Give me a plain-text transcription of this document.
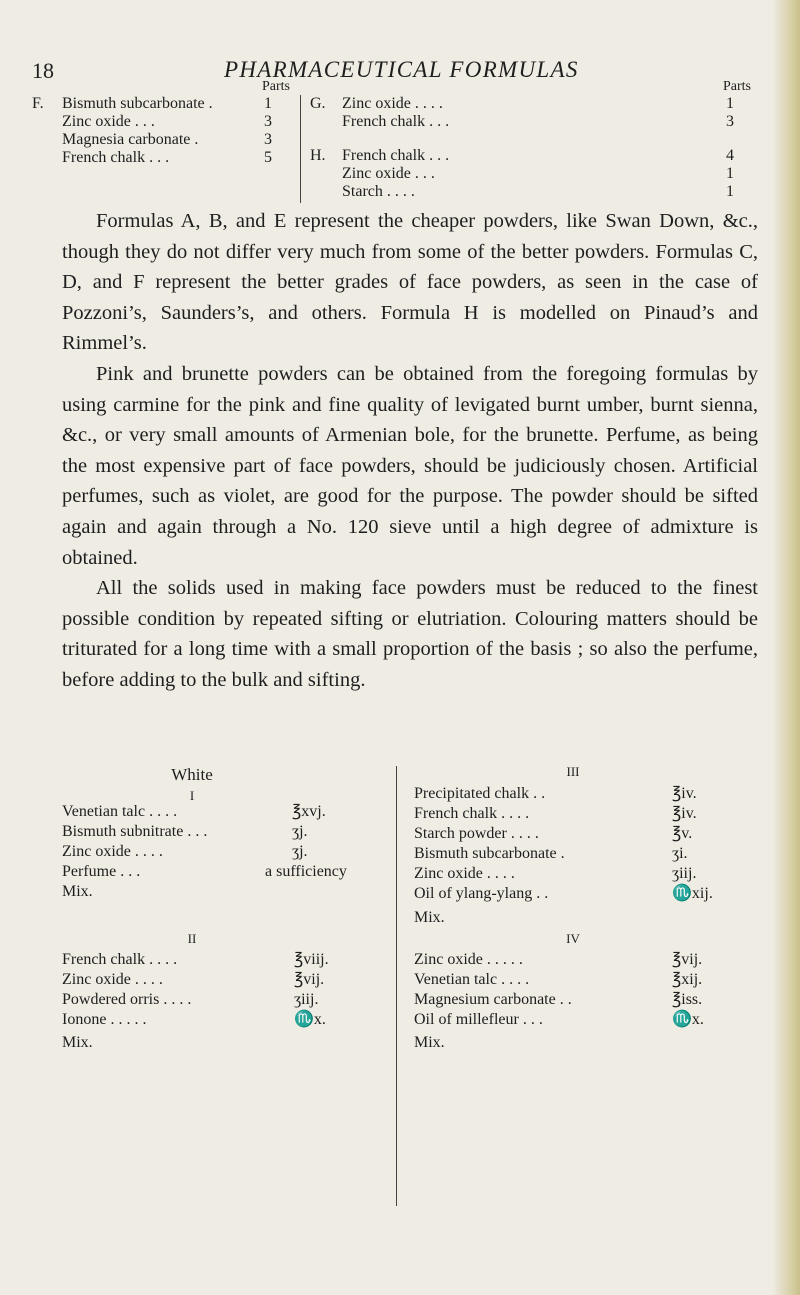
18	PHARMACEUTICAL FORMULAS
Parts
F. Bismuth subcarbonate .	1
Zinc oxide . . .	3
Magnesia carbonate .	3
French chalk . . .	5
Parts
G. Zinc oxide . . . .	1
French chalk . . .	3
H. French chalk . . .	4
Zinc oxide . . .	1
Starch . . . .	1

Formulas A, B, and E represent the cheaper powders, like Swan Down, &c., though they do not differ very much from some of the better powders. Formulas C, D, and F represent the better grades of face powders, as seen in the case of Pozzoni’s, Saunders’s, and others. Formula H is modelled on Pinaud’s and Rimmel’s.

Pink and brunette powders can be obtained from the foregoing formulas by using carmine for the pink and fine quality of levigated burnt umber, burnt sienna, &c., or very small amounts of Armenian bole, for the brunette. Perfume, as being the most expensive part of face powders, should be judiciously chosen. Artificial perfumes, such as violet, are good for the purpose. The powder should be sifted again and again through a No. 120 sieve until a high degree of admixture is obtained.

All the solids used in making face powders must be reduced to the finest possible condition by repeated sifting or elutriation. Colouring matters should be triturated for a long time with a small proportion of the basis ; so also the perfume, before adding to the bulk and sifting.

White
I
Venetian talc . . . .	℥xvj.
Bismuth subnitrate . . .	ʒj.
Zinc oxide . . . .	ʒj.
Perfume . . .	a sufficiency
Mix.
II
French chalk . . . .	℥viij.
Zinc oxide . . . .	℥vij.
Powdered orris . . . .	ʒiij.
Ionone . . . . .	♏x.
Mix.
III
Precipitated chalk . .	℥iv.
French chalk . . . .	℥iv.
Starch powder . . . .	℥v.
Bismuth subcarbonate .	ʒi.
Zinc oxide . . . .	ʒiij.
Oil of ylang-ylang . .	♏xij.
Mix.
IV
Zinc oxide . . . . .	℥vij.
Venetian talc . . . .	℥xij.
Magnesium carbonate . .	℥iss.
Oil of millefleur . . .	♏x.
Mix.
